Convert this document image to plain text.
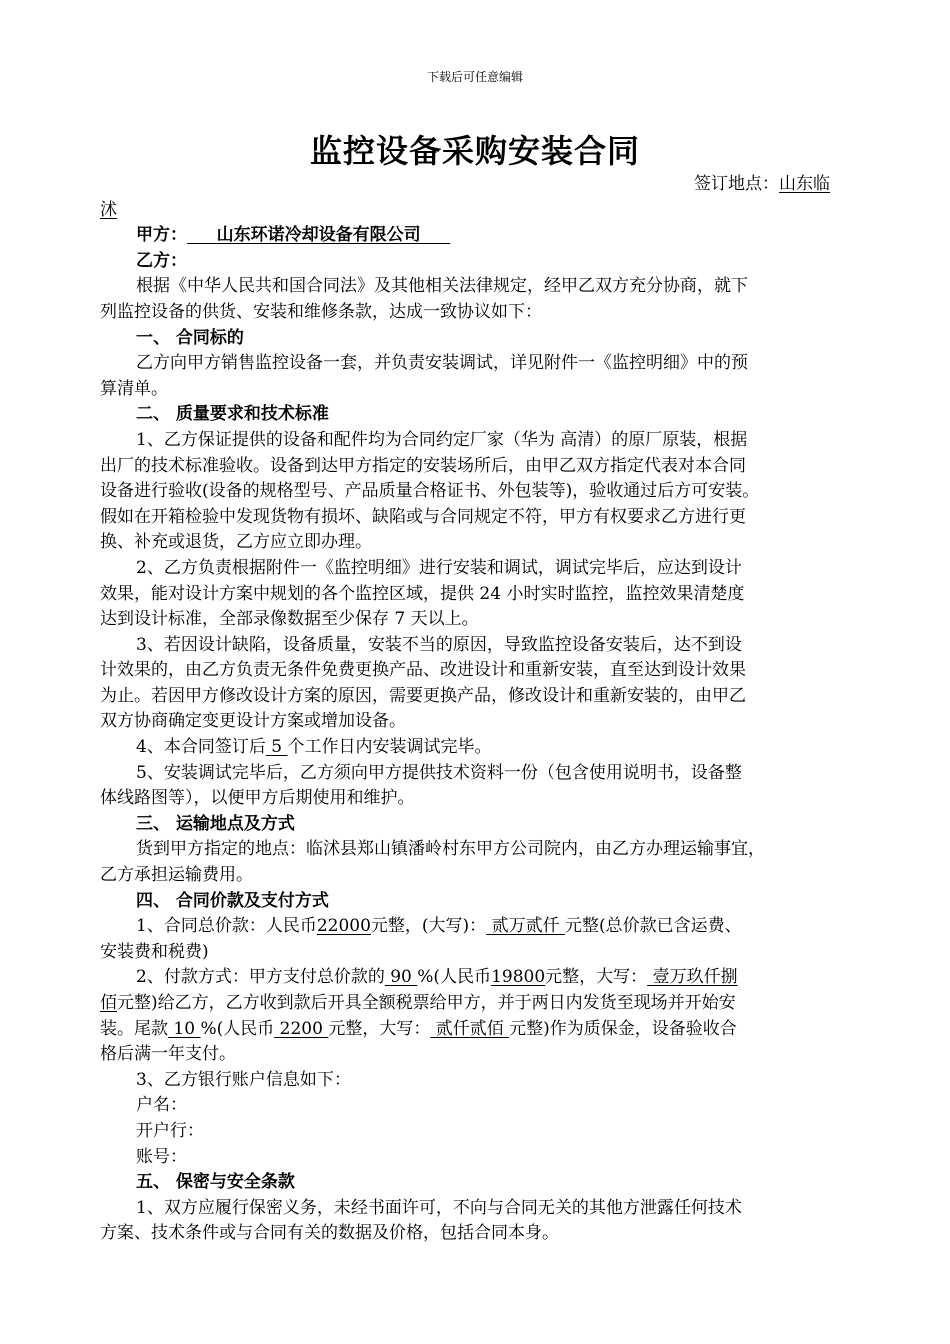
下载后可任意编辑
监控设备采购安装合同
签订地点：山东临
沭
甲方： 山东环诺冷却设备有限公司
乙方：
根据《中华人民共和国合同法》及其他相关法律规定，经甲乙双方充分协商，就下
列监控设备的供货、安装和维修条款，达成一致协议如下：
一、 合同标的
乙方向甲方销售监控设备一套，并负责安装调试，详见附件一《监控明细》中的预
算清单。
二、 质量要求和技术标准
1、乙方保证提供的设备和配件均为合同约定厂家（华为 高清）的原厂原装，根据
出厂的技术标准验收。设备到达甲方指定的安装场所后，由甲乙双方指定代表对本合同
设备进行验收(设备的规格型号、产品质量合格证书、外包装等)，验收通过后方可安装。
假如在开箱检验中发现货物有损坏、缺陷或与合同规定不符，甲方有权要求乙方进行更
换、补充或退货，乙方应立即办理。
2、乙方负责根据附件一《监控明细》进行安装和调试，调试完毕后，应达到设计
效果，能对设计方案中规划的各个监控区域，提供 24 小时实时监控，监控效果清楚度
达到设计标准，全部录像数据至少保存 7 天以上。
3、若因设计缺陷，设备质量，安装不当的原因，导致监控设备安装后，达不到设
计效果的，由乙方负责无条件免费更换产品、改进设计和重新安装，直至达到设计效果
为止。若因甲方修改设计方案的原因，需要更换产品，修改设计和重新安装的，由甲乙
双方协商确定变更设计方案或增加设备。
4、本合同签订后 5 个工作日内安装调试完毕。
5、安装调试完毕后，乙方须向甲方提供技术资料一份（包含使用说明书，设备整
体线路图等），以便甲方后期使用和维护。
三、 运输地点及方式
货到甲方指定的地点：临沭县郑山镇潘岭村东甲方公司院内，由乙方办理运输事宜，
乙方承担运输费用。
四、 合同价款及支付方式
1、合同总价款：人民币22000元整，(大写)： 贰万贰仟 元整(总价款已含运费、
安装费和税费)
2、付款方式：甲方支付总价款的 90 %(人民币19800元整，大写： 壹万玖仟捌
佰元整)给乙方，乙方收到款后开具全额税票给甲方，并于两日内发货至现场并开始安
装。尾款 10 %(人民币 2200 元整，大写： 贰仟贰佰 元整)作为质保金，设备验收合
格后满一年支付。
3、乙方银行账户信息如下：
户名：
开户行：
账号：
五、 保密与安全条款
1、双方应履行保密义务，未经书面许可，不向与合同无关的其他方泄露任何技术
方案、技术条件或与合同有关的数据及价格，包括合同本身。
